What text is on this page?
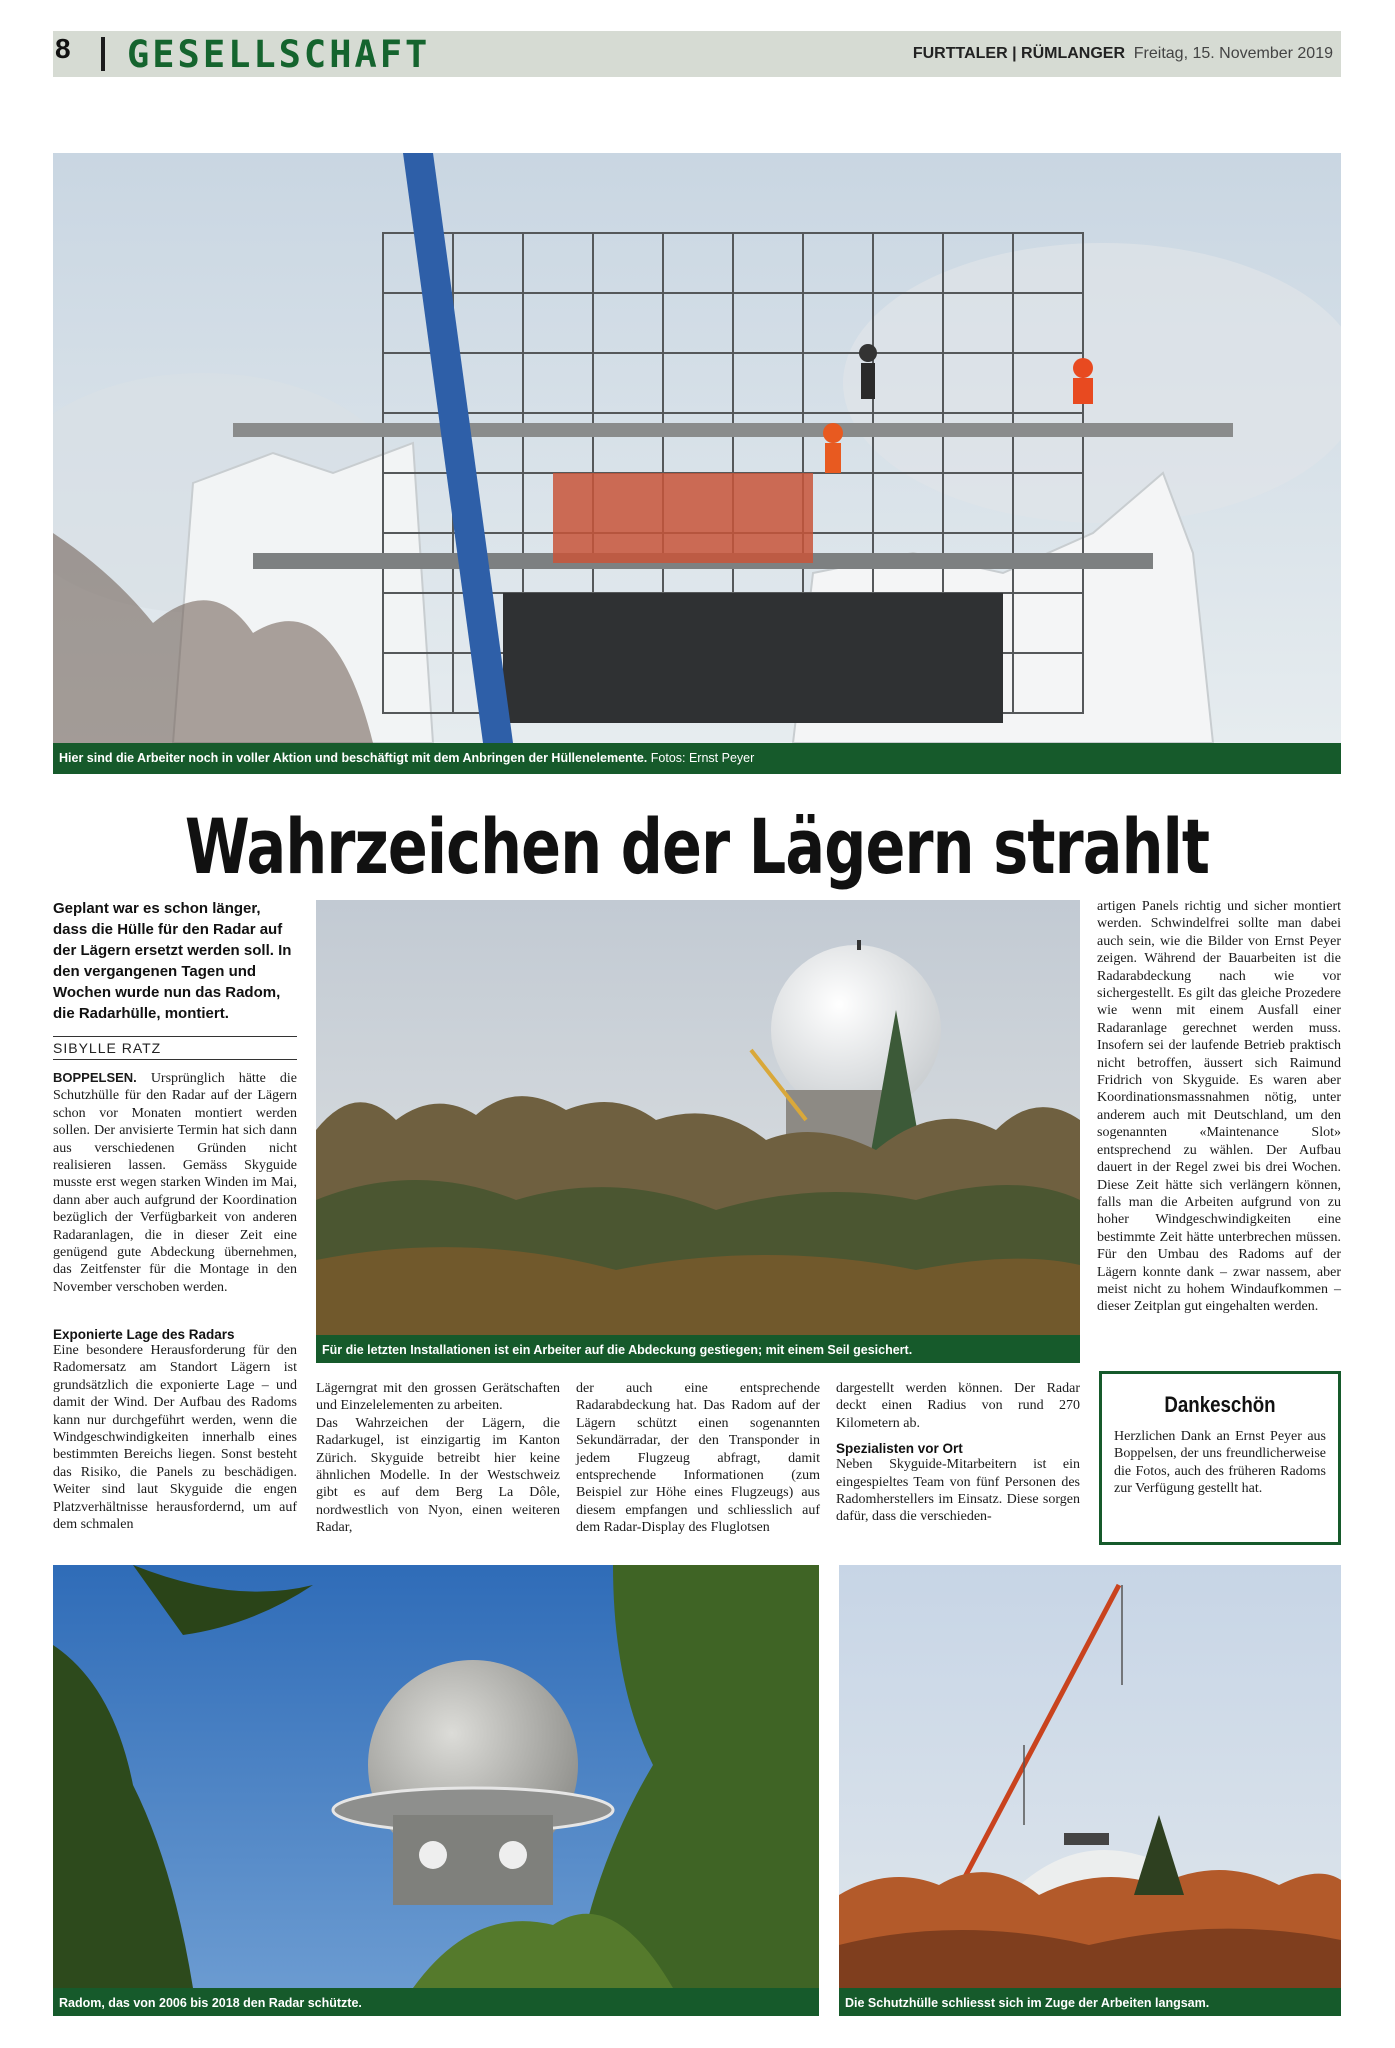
8 GESELLSCHAFT	FURTTALER | RÜMLANGER Freitag, 15. November 2019
Hier sind die Arbeiter noch in voller Aktion und beschäftigt mit dem Anbringen der Hüllenelemente. Fotos: Ernst Peyer
Wahrzeichen der Lägern strahlt
Geplant war es schon länger, dass die Hülle für den Radar auf der Lägern ersetzt werden soll. In den vergangenen Tagen und Wochen wurde nun das Radom, die Radarhülle, montiert.
SIBYLLE RATZ

BOPPELSEN. Ursprünglich hätte die Schutzhülle für den Radar auf der Lägern schon vor Monaten montiert werden sollen. Der anvisierte Termin hat sich dann aus verschiedenen Gründen nicht realisieren lassen. Gemäss Skyguide musste erst wegen starken Winden im Mai, dann aber auch aufgrund der Koordination bezüglich der Verfügbarkeit von anderen Radaranlagen, die in dieser Zeit eine genügend gute Abdeckung übernehmen, das Zeitfenster für die Montage in den November verschoben werden.

Exponierte Lage des Radars

Eine besondere Herausforderung für den Radomersatz am Standort Lägern ist grundsätzlich die exponierte Lage – und damit der Wind. Der Aufbau des Radoms kann nur durchgeführt werden, wenn die Windgeschwindigkeiten innerhalb eines bestimmten Bereichs liegen. Sonst besteht das Risiko, die Panels zu beschädigen. Weiter sind laut Skyguide die engen Platzverhältnisse herausfordernd, um auf dem schmalen

Für die letzten Installationen ist ein Arbeiter auf die Abdeckung gestiegen; mit einem Seil gesichert.

Lägerngrat mit den grossen Gerätschaften und Einzelelementen zu arbeiten.

Das Wahrzeichen der Lägern, die Radarkugel, ist einzigartig im Kanton Zürich. Skyguide betreibt hier keine ähnlichen Modelle. In der Westschweiz gibt es auf dem Berg La Dôle, nordwestlich von Nyon, einen weiteren Radar,

der auch eine entsprechende Radarabdeckung hat. Das Radom auf der Lägern schützt einen sogenannten Sekundärradar, der den Transponder in jedem Flugzeug abfragt, damit entsprechende Informationen (zum Beispiel zur Höhe eines Flugzeugs) aus diesem empfangen und schliesslich auf dem Radar-Display des Fluglotsen

dargestellt werden können. Der Radar deckt einen Radius von rund 270 Kilometern ab.

Spezialisten vor Ort

Neben Skyguide-Mitarbeitern ist ein eingespieltes Team von fünf Personen des Radomherstellers im Einsatz. Diese sorgen dafür, dass die verschieden-

artigen Panels richtig und sicher montiert werden. Schwindelfrei sollte man dabei auch sein, wie die Bilder von Ernst Peyer zeigen. Während der Bauarbeiten ist die Radarabdeckung nach wie vor sichergestellt. Es gilt das gleiche Prozedere wie wenn mit einem Ausfall einer Radaranlage gerechnet werden muss. Insofern sei der laufende Betrieb praktisch nicht betroffen, äussert sich Raimund Fridrich von Skyguide. Es waren aber Koordinationsmassnahmen nötig, unter anderem auch mit Deutschland, um den sogenannten «Maintenance Slot» entsprechend zu wählen. Der Aufbau dauert in der Regel zwei bis drei Wochen. Diese Zeit hätte sich verlängern können, falls man die Arbeiten aufgrund von zu hoher Windgeschwindigkeiten eine bestimmte Zeit hätte unterbrechen müssen. Für den Umbau des Radoms auf der Lägern konnte dank – zwar nassem, aber meist nicht zu hohem Windaufkommen – dieser Zeitplan gut eingehalten werden.

Dankeschön
Herzlichen Dank an Ernst Peyer aus Boppelsen, der uns freundlicherweise die Fotos, auch des früheren Radoms zur Verfügung gestellt hat.
Radom, das von 2006 bis 2018 den Radar schützte.	Die Schutzhülle schliesst sich im Zuge der Arbeiten langsam.
